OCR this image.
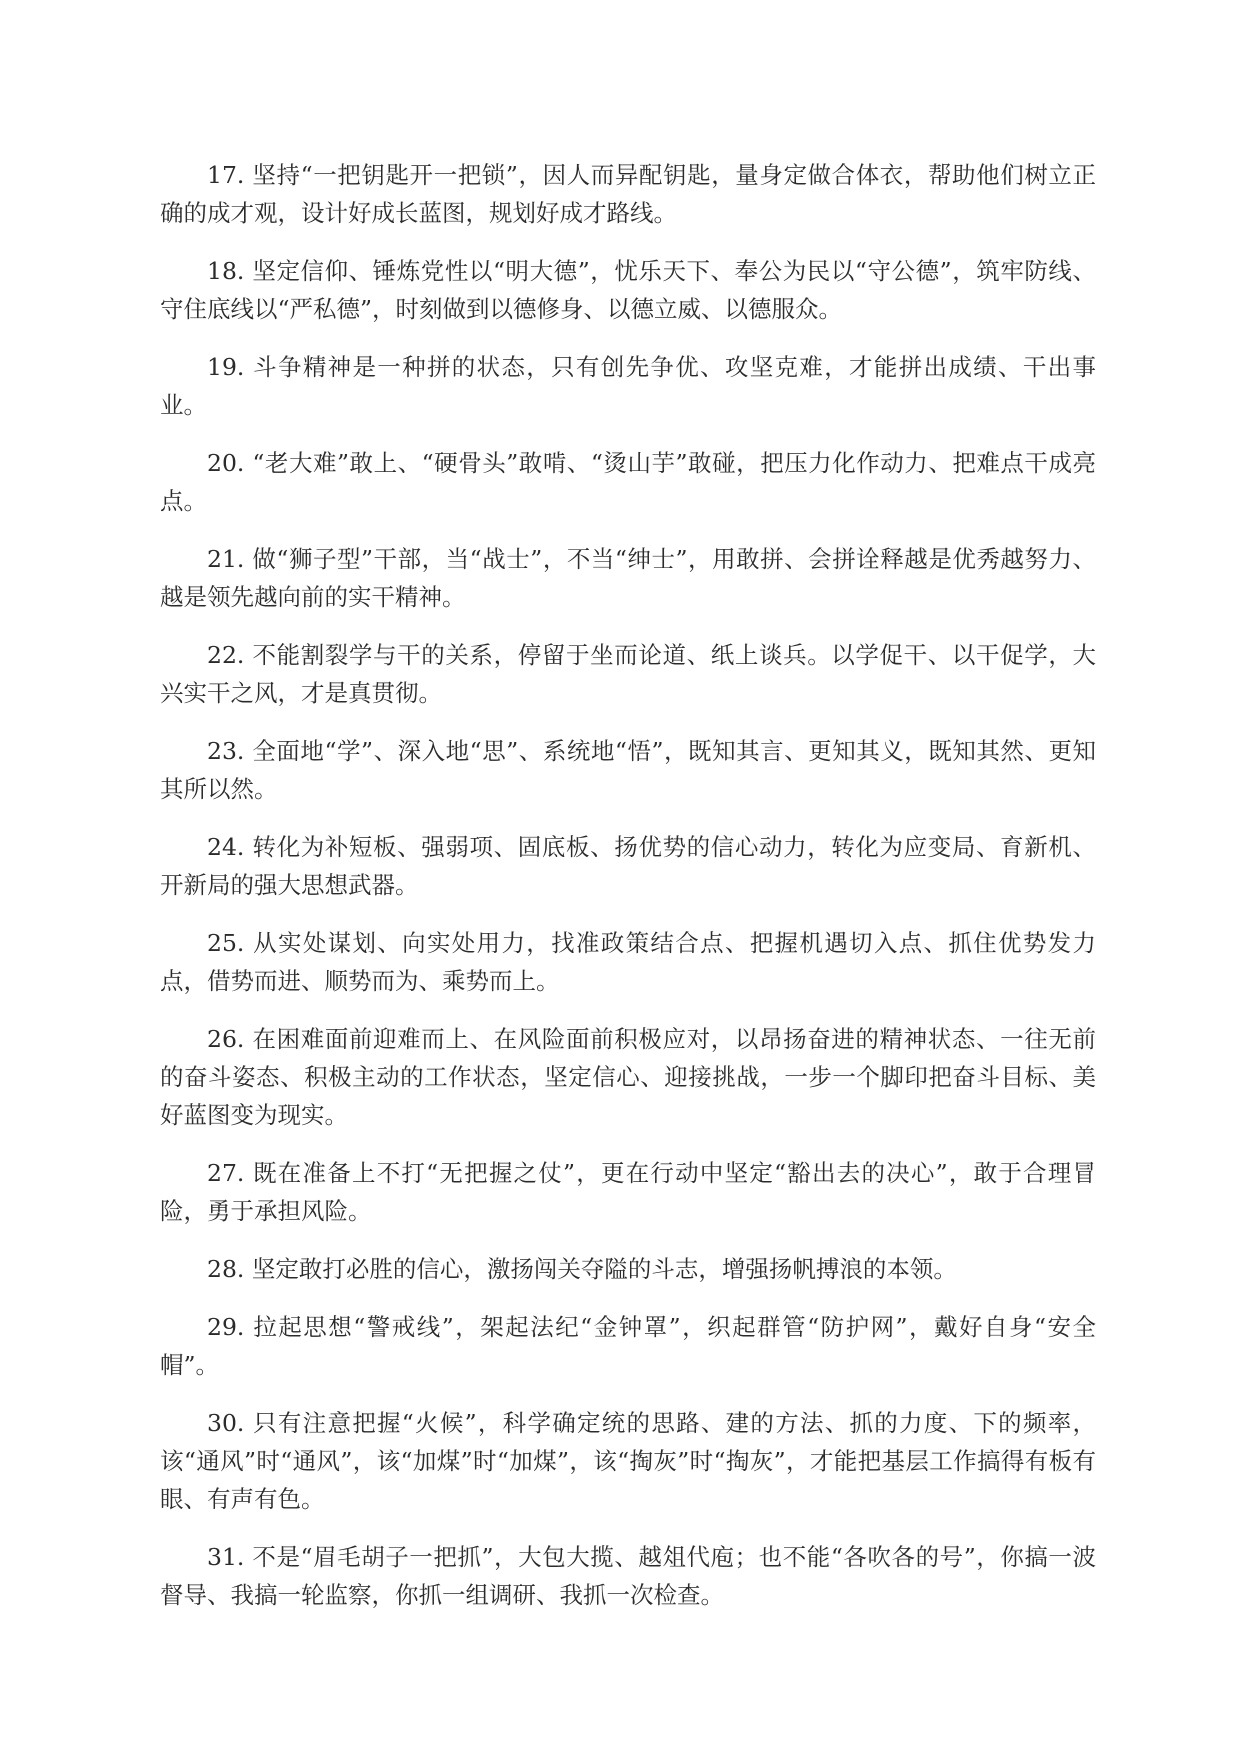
17. 坚持“一把钥匙开一把锁”，因人而异配钥匙，量身定做合体衣，帮助他们树立正确的成才观，设计好成长蓝图，规划好成才路线。

18. 坚定信仰、锤炼党性以“明大德”，忧乐天下、奉公为民以“守公德”，筑牢防线、守住底线以“严私德”，时刻做到以德修身、以德立威、以德服众。

19. 斗争精神是一种拼的状态，只有创先争优、攻坚克难，才能拼出成绩、干出事业。

20. “老大难”敢上、“硬骨头”敢啃、“烫山芋”敢碰，把压力化作动力、把难点干成亮点。

21. 做“狮子型”干部，当“战士”，不当“绅士”，用敢拼、会拼诠释越是优秀越努力、越是领先越向前的实干精神。

22. 不能割裂学与干的关系，停留于坐而论道、纸上谈兵。以学促干、以干促学，大兴实干之风，才是真贯彻。

23. 全面地“学”、深入地“思”、系统地“悟”，既知其言、更知其义，既知其然、更知其所以然。

24. 转化为补短板、强弱项、固底板、扬优势的信心动力，转化为应变局、育新机、开新局的强大思想武器。

25. 从实处谋划、向实处用力，找准政策结合点、把握机遇切入点、抓住优势发力点，借势而进、顺势而为、乘势而上。

26. 在困难面前迎难而上、在风险面前积极应对，以昂扬奋进的精神状态、一往无前的奋斗姿态、积极主动的工作状态，坚定信心、迎接挑战，一步一个脚印把奋斗目标、美好蓝图变为现实。

27. 既在准备上不打“无把握之仗”，更在行动中坚定“豁出去的决心”，敢于合理冒险，勇于承担风险。

28. 坚定敢打必胜的信心，激扬闯关夺隘的斗志，增强扬帆搏浪的本领。

29. 拉起思想“警戒线”，架起法纪“金钟罩”，织起群管“防护网”，戴好自身“安全帽”。

30. 只有注意把握“火候”，科学确定统的思路、建的方法、抓的力度、下的频率，该“通风”时“通风”，该“加煤”时“加煤”，该“掏灰”时“掏灰”，才能把基层工作搞得有板有眼、有声有色。

31. 不是“眉毛胡子一把抓”，大包大揽、越俎代庖；也不能“各吹各的号”，你搞一波督导、我搞一轮监察，你抓一组调研、我抓一次检查。
